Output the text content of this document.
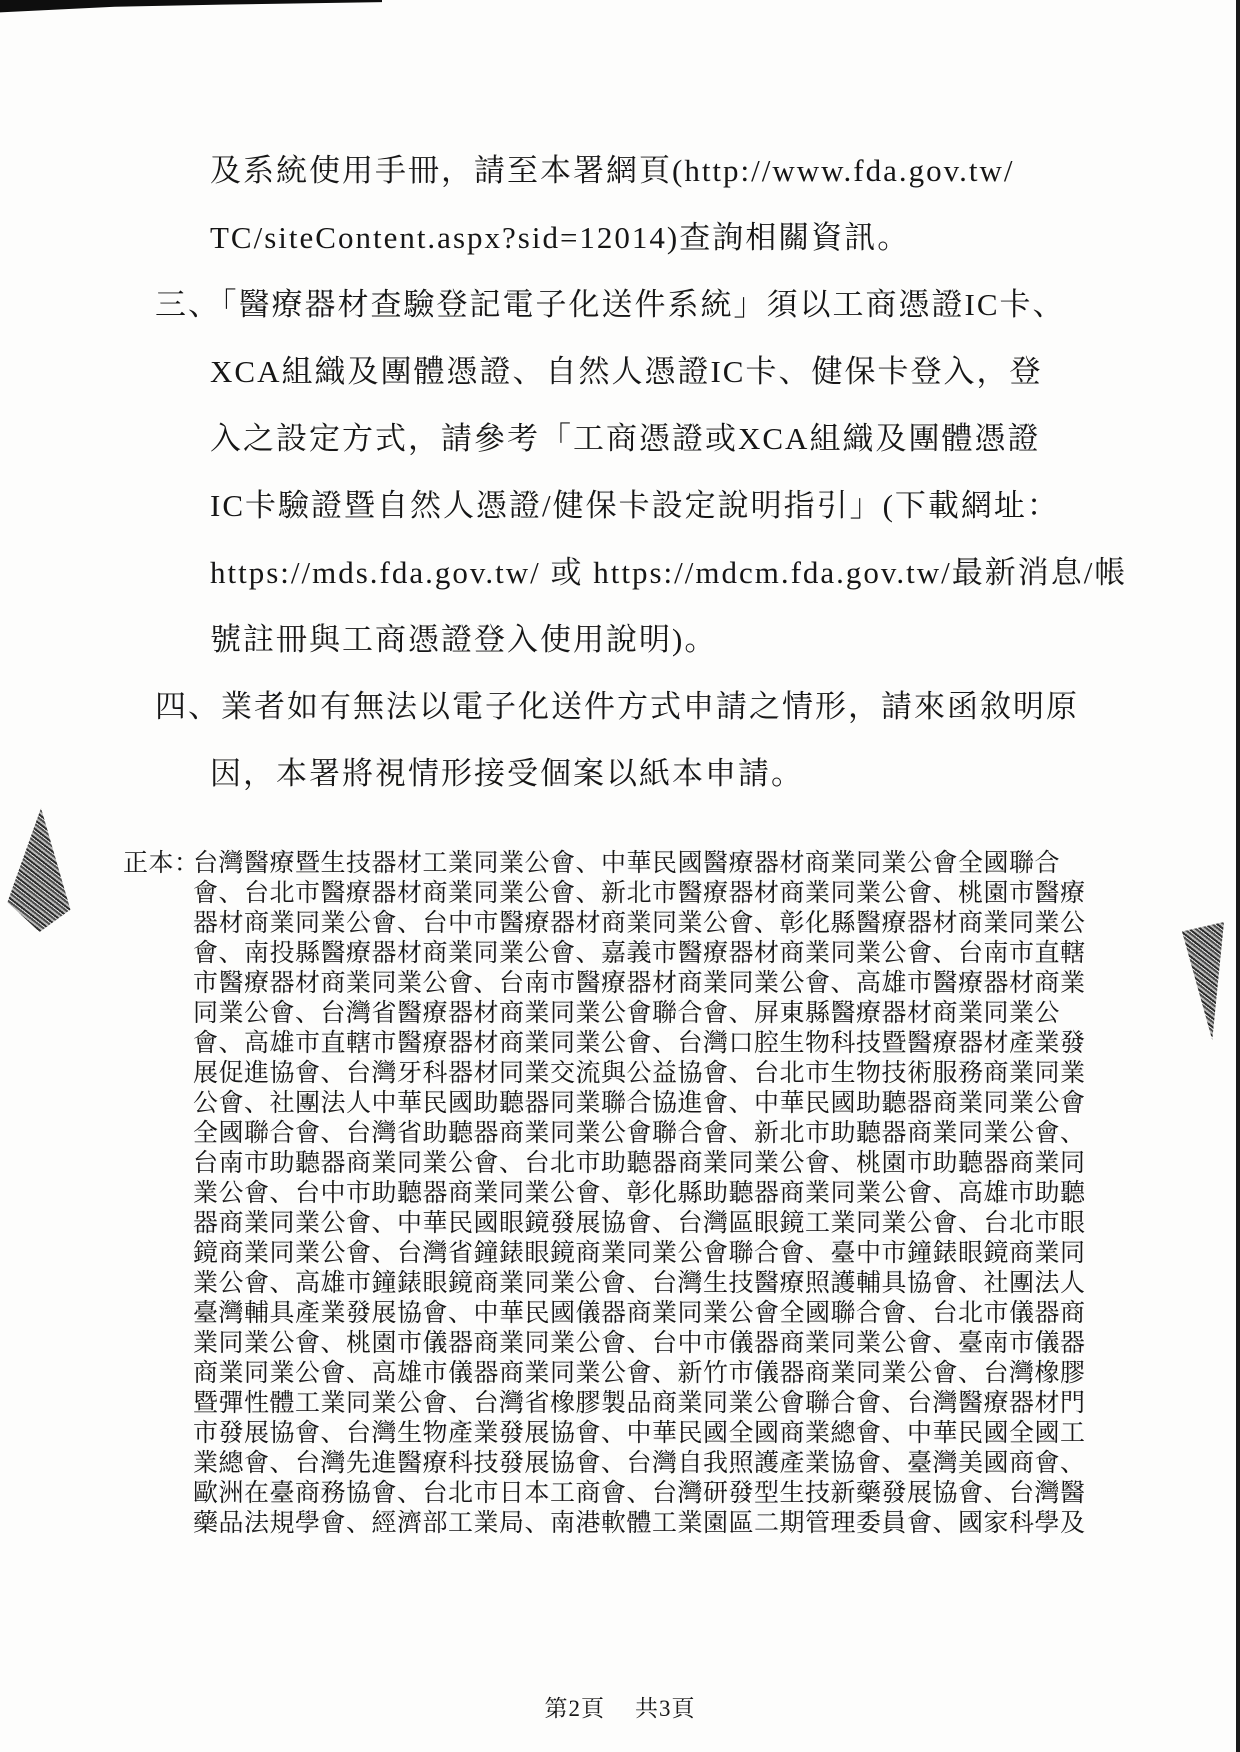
及系統使用手冊，請至本署網頁(http://www.fda.gov.tw/
TC/siteContent.aspx?sid=12014)查詢相關資訊。
三、「醫療器材查驗登記電子化送件系統」須以工商憑證IC卡、
XCA組織及團體憑證、自然人憑證IC卡、健保卡登入，登
入之設定方式，請參考「工商憑證或XCA組織及團體憑證
IC卡驗證暨自然人憑證/健保卡設定說明指引」(下載網址：
https://mds.fda.gov.tw/ 或 https://mdcm.fda.gov.tw/最新消息/帳
號註冊與工商憑證登入使用說明)。
四、業者如有無法以電子化送件方式申請之情形，請來函敘明原
因，本署將視情形接受個案以紙本申請。
正本：
台灣醫療暨生技器材工業同業公會、中華民國醫療器材商業同業公會全國聯合
會、台北市醫療器材商業同業公會、新北市醫療器材商業同業公會、桃園市醫療
器材商業同業公會、台中市醫療器材商業同業公會、彰化縣醫療器材商業同業公
會、南投縣醫療器材商業同業公會、嘉義市醫療器材商業同業公會、台南市直轄
市醫療器材商業同業公會、台南市醫療器材商業同業公會、高雄市醫療器材商業
同業公會、台灣省醫療器材商業同業公會聯合會、屏東縣醫療器材商業同業公
會、高雄市直轄市醫療器材商業同業公會、台灣口腔生物科技暨醫療器材產業發
展促進協會、台灣牙科器材同業交流與公益協會、台北市生物技術服務商業同業
公會、社團法人中華民國助聽器同業聯合協進會、中華民國助聽器商業同業公會
全國聯合會、台灣省助聽器商業同業公會聯合會、新北市助聽器商業同業公會、
台南市助聽器商業同業公會、台北市助聽器商業同業公會、桃園市助聽器商業同
業公會、台中市助聽器商業同業公會、彰化縣助聽器商業同業公會、高雄市助聽
器商業同業公會、中華民國眼鏡發展協會、台灣區眼鏡工業同業公會、台北市眼
鏡商業同業公會、台灣省鐘錶眼鏡商業同業公會聯合會、臺中市鐘錶眼鏡商業同
業公會、高雄市鐘錶眼鏡商業同業公會、台灣生技醫療照護輔具協會、社團法人
臺灣輔具產業發展協會、中華民國儀器商業同業公會全國聯合會、台北市儀器商
業同業公會、桃園市儀器商業同業公會、台中市儀器商業同業公會、臺南市儀器
商業同業公會、高雄市儀器商業同業公會、新竹市儀器商業同業公會、台灣橡膠
暨彈性體工業同業公會、台灣省橡膠製品商業同業公會聯合會、台灣醫療器材門
市發展協會、台灣生物產業發展協會、中華民國全國商業總會、中華民國全國工
業總會、台灣先進醫療科技發展協會、台灣自我照護產業協會、臺灣美國商會、
歐洲在臺商務協會、台北市日本工商會、台灣研發型生技新藥發展協會、台灣醫
藥品法規學會、經濟部工業局、南港軟體工業園區二期管理委員會、國家科學及
第2頁 共3頁
